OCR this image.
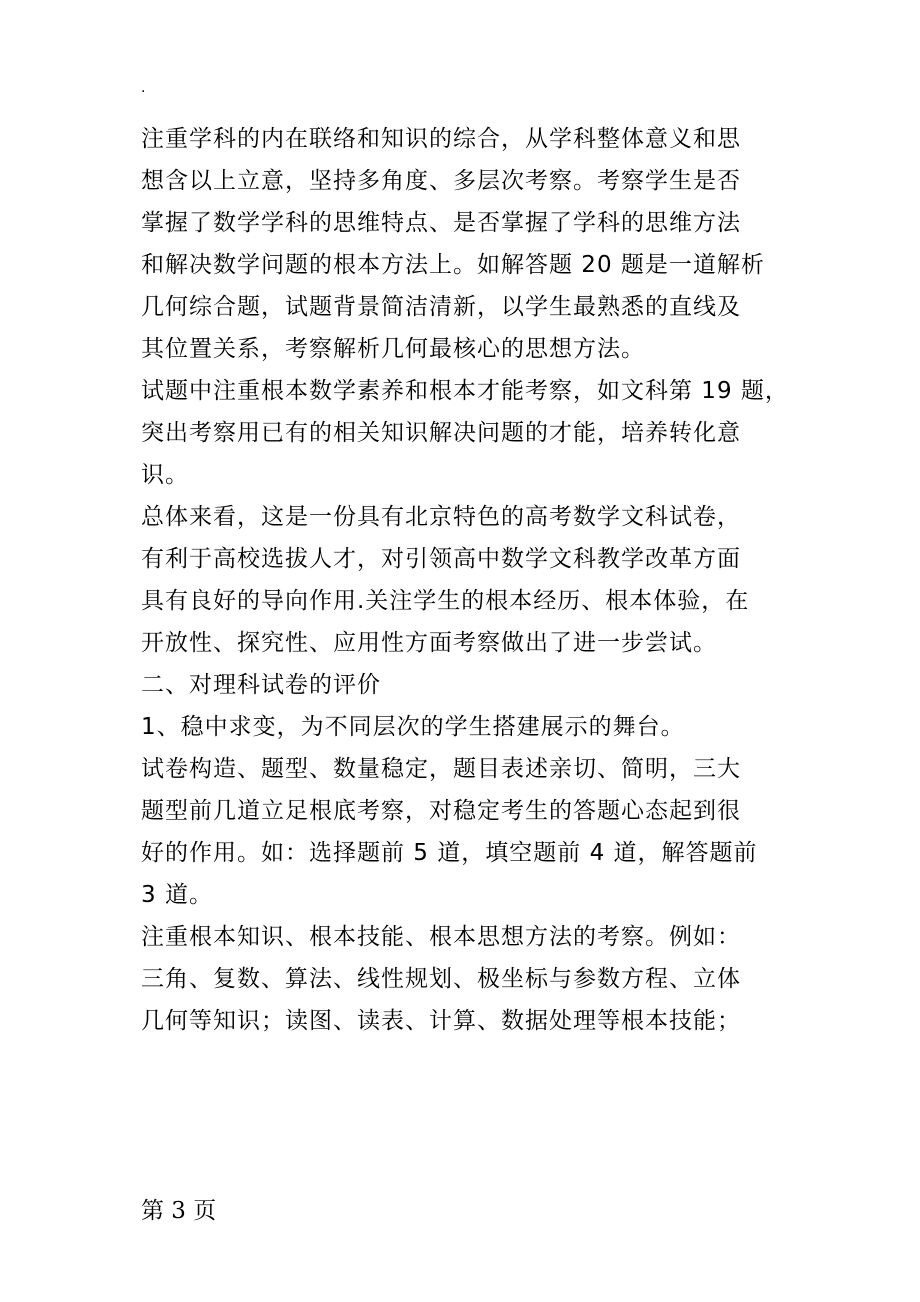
.
注重学科的内在联络和知识的综合，从学科整体意义和思
想含以上立意，坚持多角度、多层次考察。考察学生是否
掌握了数学学科的思维特点、是否掌握了学科的思维方法
和解决数学问题的根本方法上。如解答题 20 题是一道解析
几何综合题，试题背景简洁清新，以学生最熟悉的直线及
其位置关系，考察解析几何最核心的思想方法。
试题中注重根本数学素养和根本才能考察，如文科第 19 题，
突出考察用已有的相关知识解决问题的才能，培养转化意
识。
总体来看，这是一份具有北京特色的高考数学文科试卷，
有利于高校选拔人才，对引领高中数学文科教学改革方面
具有良好的导向作用.关注学生的根本经历、根本体验，在
开放性、探究性、应用性方面考察做出了进一步尝试。
二、对理科试卷的评价
1、稳中求变，为不同层次的学生搭建展示的舞台。
试卷构造、题型、数量稳定，题目表述亲切、简明，三大
题型前几道立足根底考察，对稳定考生的答题心态起到很
好的作用。如：选择题前 5 道，填空题前 4 道，解答题前
3 道。
注重根本知识、根本技能、根本思想方法的考察。例如：
三角、复数、算法、线性规划、极坐标与参数方程、立体
几何等知识；读图、读表、计算、数据处理等根本技能；
第 3 页
